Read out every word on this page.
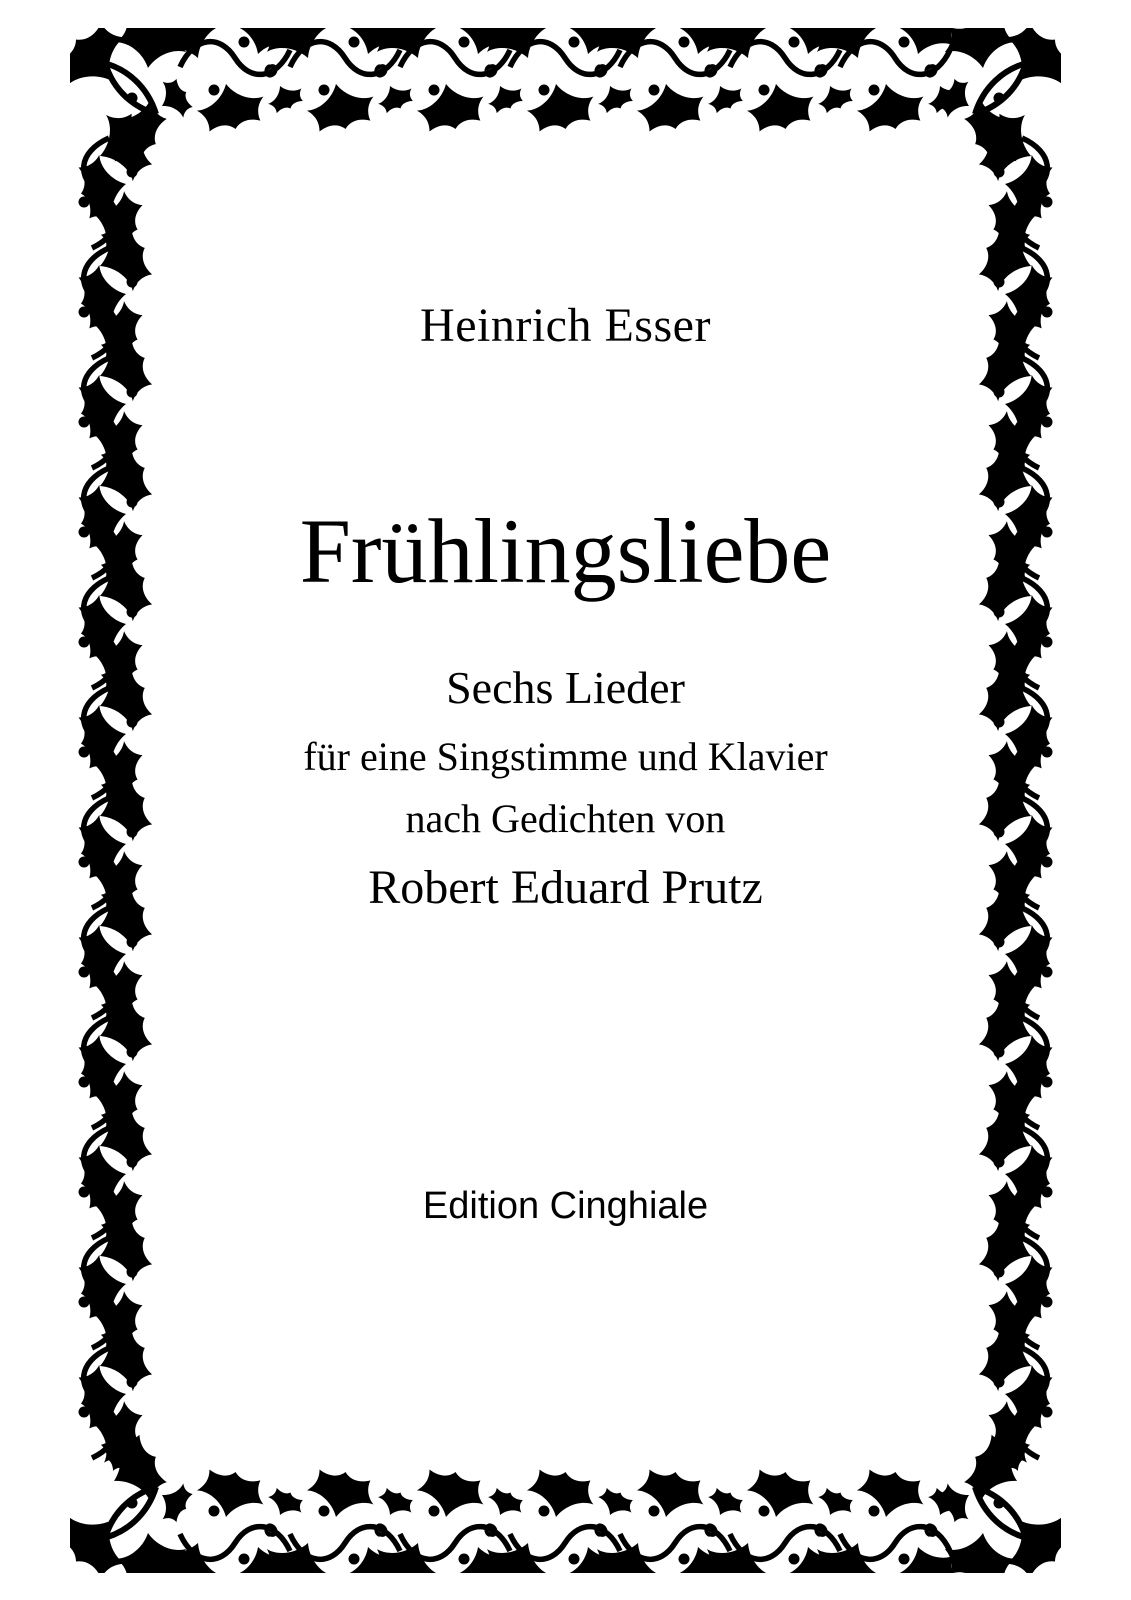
Heinrich Esser
Frühlingsliebe
Sechs Lieder
für eine Singstimme und Klavier
nach Gedichten von
Robert Eduard Prutz
Edition Cinghiale
